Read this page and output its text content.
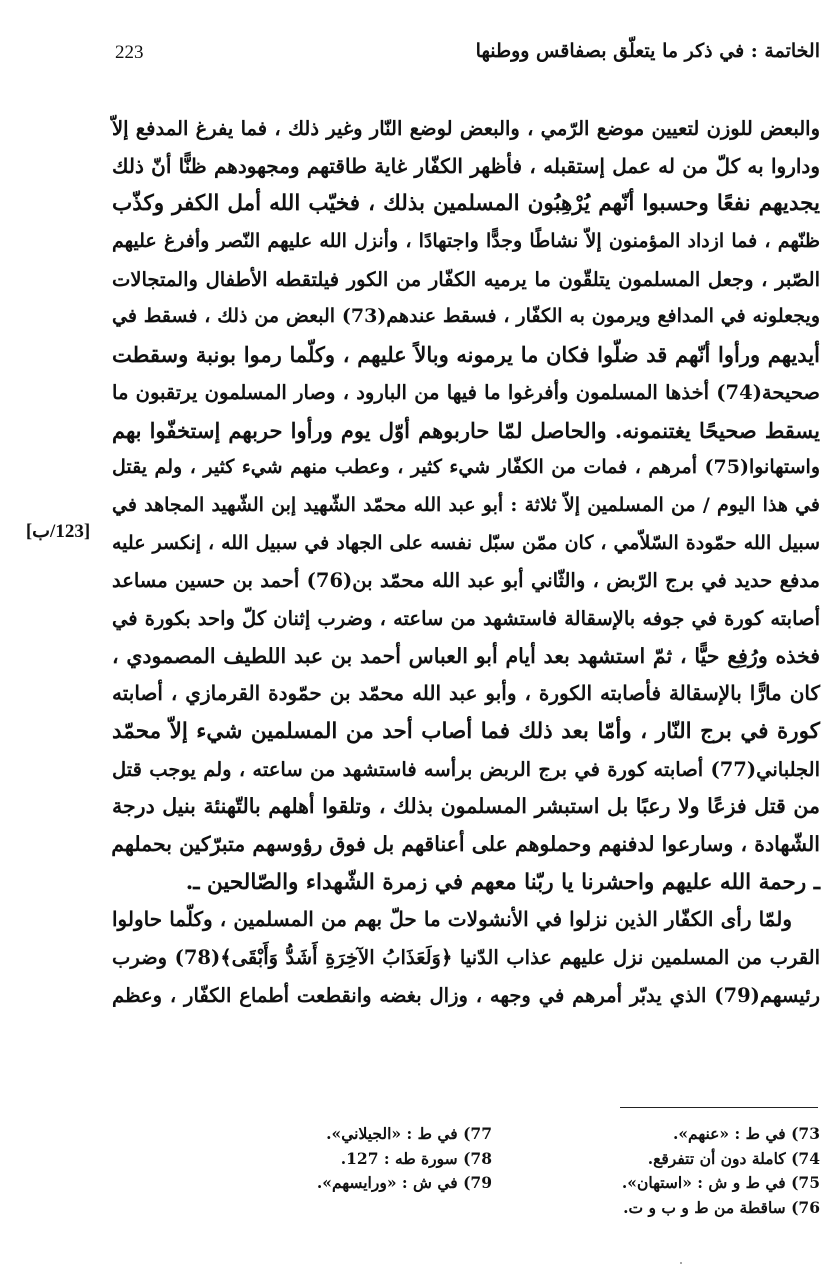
الخاتمة : في ذكر ما يتعلّق بصفاقس ووطنها
223
والبعض للوزن لتعيين موضع الرّمي ، والبعض لوضع النّار وغير ذلك ، فما يفرغ المدفع إلاّ
وداروا به كلّ من له عمل إستقبله ، فأظهر الكفّار غاية طاقتهم ومجهودهم ظنًّا أنّ ذلك
يجديهم نفعًا وحسبوا أنّهم يُرْهِبُون المسلمين بذلك ، فخيّب الله أمل الكفر وكذّب
ظنّهم ، فما ازداد المؤمنون إلاّ نشاطًا وجدًّا واجتهادًا ، وأنزل الله عليهم النّصر وأفرغ عليهم
الصّبر ، وجعل المسلمون يتلقّون ما يرميه الكفّار من الكور فيلتقطه الأطفال والمتجالات
ويجعلونه في المدافع ويرمون به الكفّار ، فسقط عندهم(73) البعض من ذلك ، فسقط في
أيديهم ورأوا أنّهم قد ضلّوا فكان ما يرمونه وبالاً عليهم ، وكلّما رموا بونبة وسقطت
صحيحة(74) أخذها المسلمون وأفرغوا ما فيها من البارود ، وصار المسلمون يرتقبون ما
يسقط صحيحًا يغتنمونه. والحاصل لمّا حاربوهم أوّل يوم ورأوا حربهم إستخفّوا بهم
واستهانوا(75) أمرهم ، فمات من الكفّار شيء كثير ، وعطب منهم شيء كثير ، ولم يقتل
في هذا اليوم / من المسلمين إلاّ ثلاثة : أبو عبد الله محمّد الشّهيد إبن الشّهيد المجاهد في
سبيل الله حمّودة السّلاّمي ، كان ممّن سبّل نفسه على الجهاد في سبيل الله ، إنكسر عليه
مدفع حديد في برج الرّبض ، والثّاني أبو عبد الله محمّد بن(76) أحمد بن حسين مساعد
أصابته كورة في جوفه بالإسقالة فاستشهد من ساعته ، وضرب إثنان كلّ واحد بكورة في
فخذه ورُفِع حيًّا ، ثمّ استشهد بعد أيام أبو العباس أحمد بن عبد اللطيف المصمودي ،
كان مارًّا بالإسقالة فأصابته الكورة ، وأبو عبد الله محمّد بن حمّودة القرمازي ، أصابته
كورة في برج النّار ، وأمّا بعد ذلك فما أصاب أحد من المسلمين شيء إلاّ محمّد
الجلباني(77) أصابته كورة في برج الربض برأسه فاستشهد من ساعته ، ولم يوجب قتل
من قتل فزعًا ولا رعبًا بل استبشر المسلمون بذلك ، وتلقوا أهلهم بالتّهنئة بنيل درجة
الشّهادة ، وسارعوا لدفنهم وحملوهم على أعناقهم بل فوق رؤوسهم متبرّكين بحملهم
ـ رحمة الله عليهم واحشرنا يا ربّنا معهم في زمرة الشّهداء والصّالحين ـ.
ولمّا رأى الكفّار الذين نزلوا في الأنشولات ما حلّ بهم من المسلمين ، وكلّما حاولوا
القرب من المسلمين نزل عليهم عذاب الدّنيا ﴿وَلَعَذَابُ الآخِرَةِ أَشَدُّ وَأَبْقَى﴾(78) وضرب
رئيسهم(79) الذي يدبّر أمرهم في وجهه ، وزال بغضه وانقطعت أطماع الكفّار ، وعظم
[123/ب]
73) في ط : «عنهم».
74) كاملة دون أن تتفرقع.
75) في ط و ش : «استهان».
76) ساقطة من ط و ب و ت.
77) في ط : «الجيلاني».
78) سورة طه : 127.
79) في ش : «ورايسهم».
